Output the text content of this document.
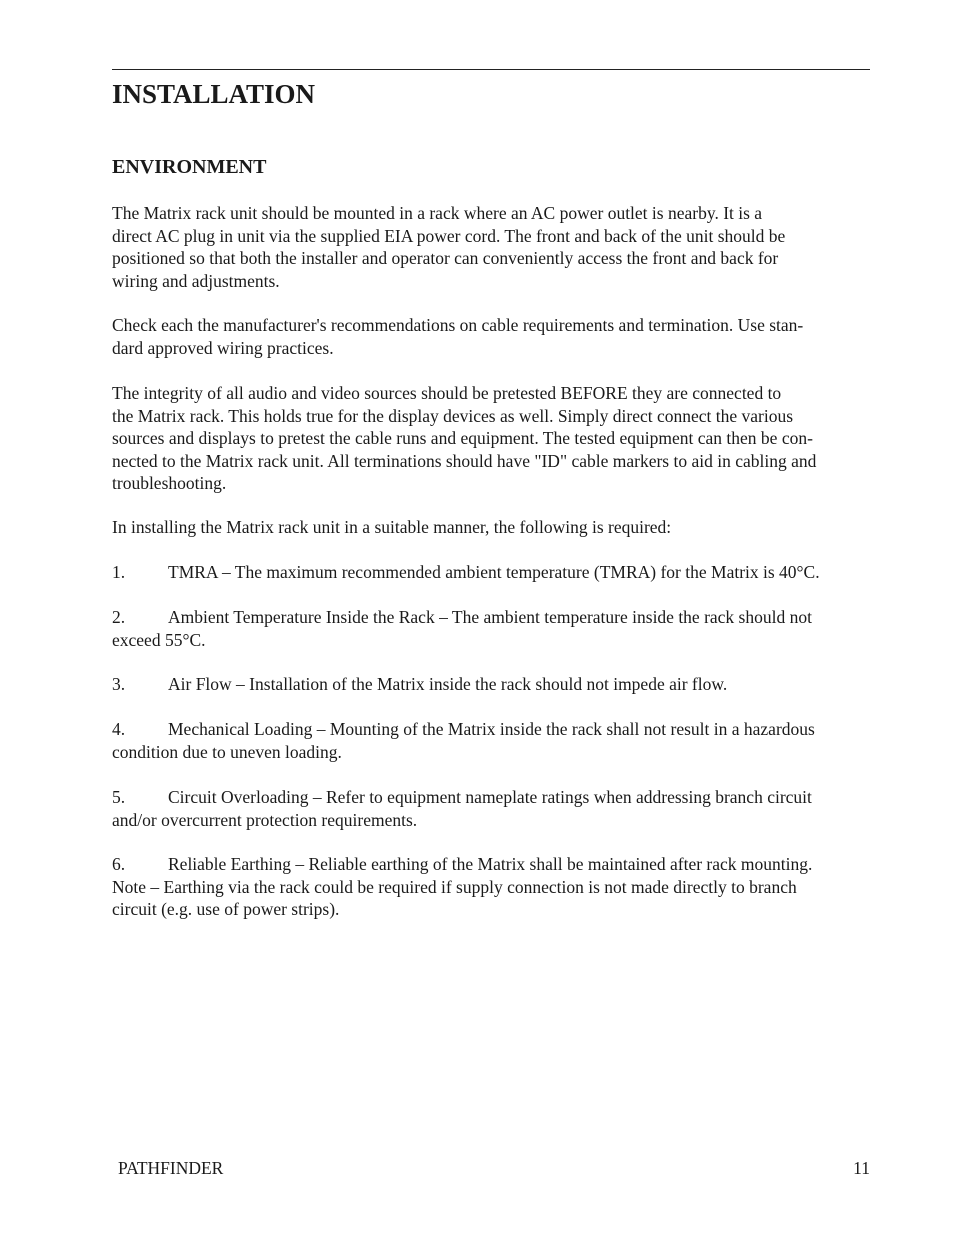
INSTALLATION
ENVIRONMENT

The Matrix rack unit should be mounted in a rack where an AC power outlet is nearby. It is a
direct AC plug in unit via the supplied EIA power cord. The front and back of the unit should be
positioned so that both the installer and operator can conveniently access the front and back for
wiring and adjustments.

Check each the manufacturer's recommendations on cable requirements and termination. Use stan-
dard approved wiring practices.

The integrity of all audio and video sources should be pretested BEFORE they are connected to
the Matrix rack. This holds true for the display devices as well. Simply direct connect the various
sources and displays to pretest the cable runs and equipment. The tested equipment can then be con-
nected to the Matrix rack unit. All terminations should have "ID" cable markers to aid in cabling and
troubleshooting.

In installing the Matrix rack unit in a suitable manner, the following is required:

1. TMRA – The maximum recommended ambient temperature (TMRA) for the Matrix is 40°C.

2. Ambient Temperature Inside the Rack – The ambient temperature inside the rack should not
exceed 55°C.

3. Air Flow – Installation of the Matrix inside the rack should not impede air flow.

4. Mechanical Loading – Mounting of the Matrix inside the rack shall not result in a hazardous
condition due to uneven loading.

5. Circuit Overloading – Refer to equipment nameplate ratings when addressing branch circuit
and/or overcurrent protection requirements.

6. Reliable Earthing – Reliable earthing of the Matrix shall be maintained after rack mounting.
Note – Earthing via the rack could be required if supply connection is not made directly to branch
circuit (e.g. use of power strips).

PATHFINDER	11
